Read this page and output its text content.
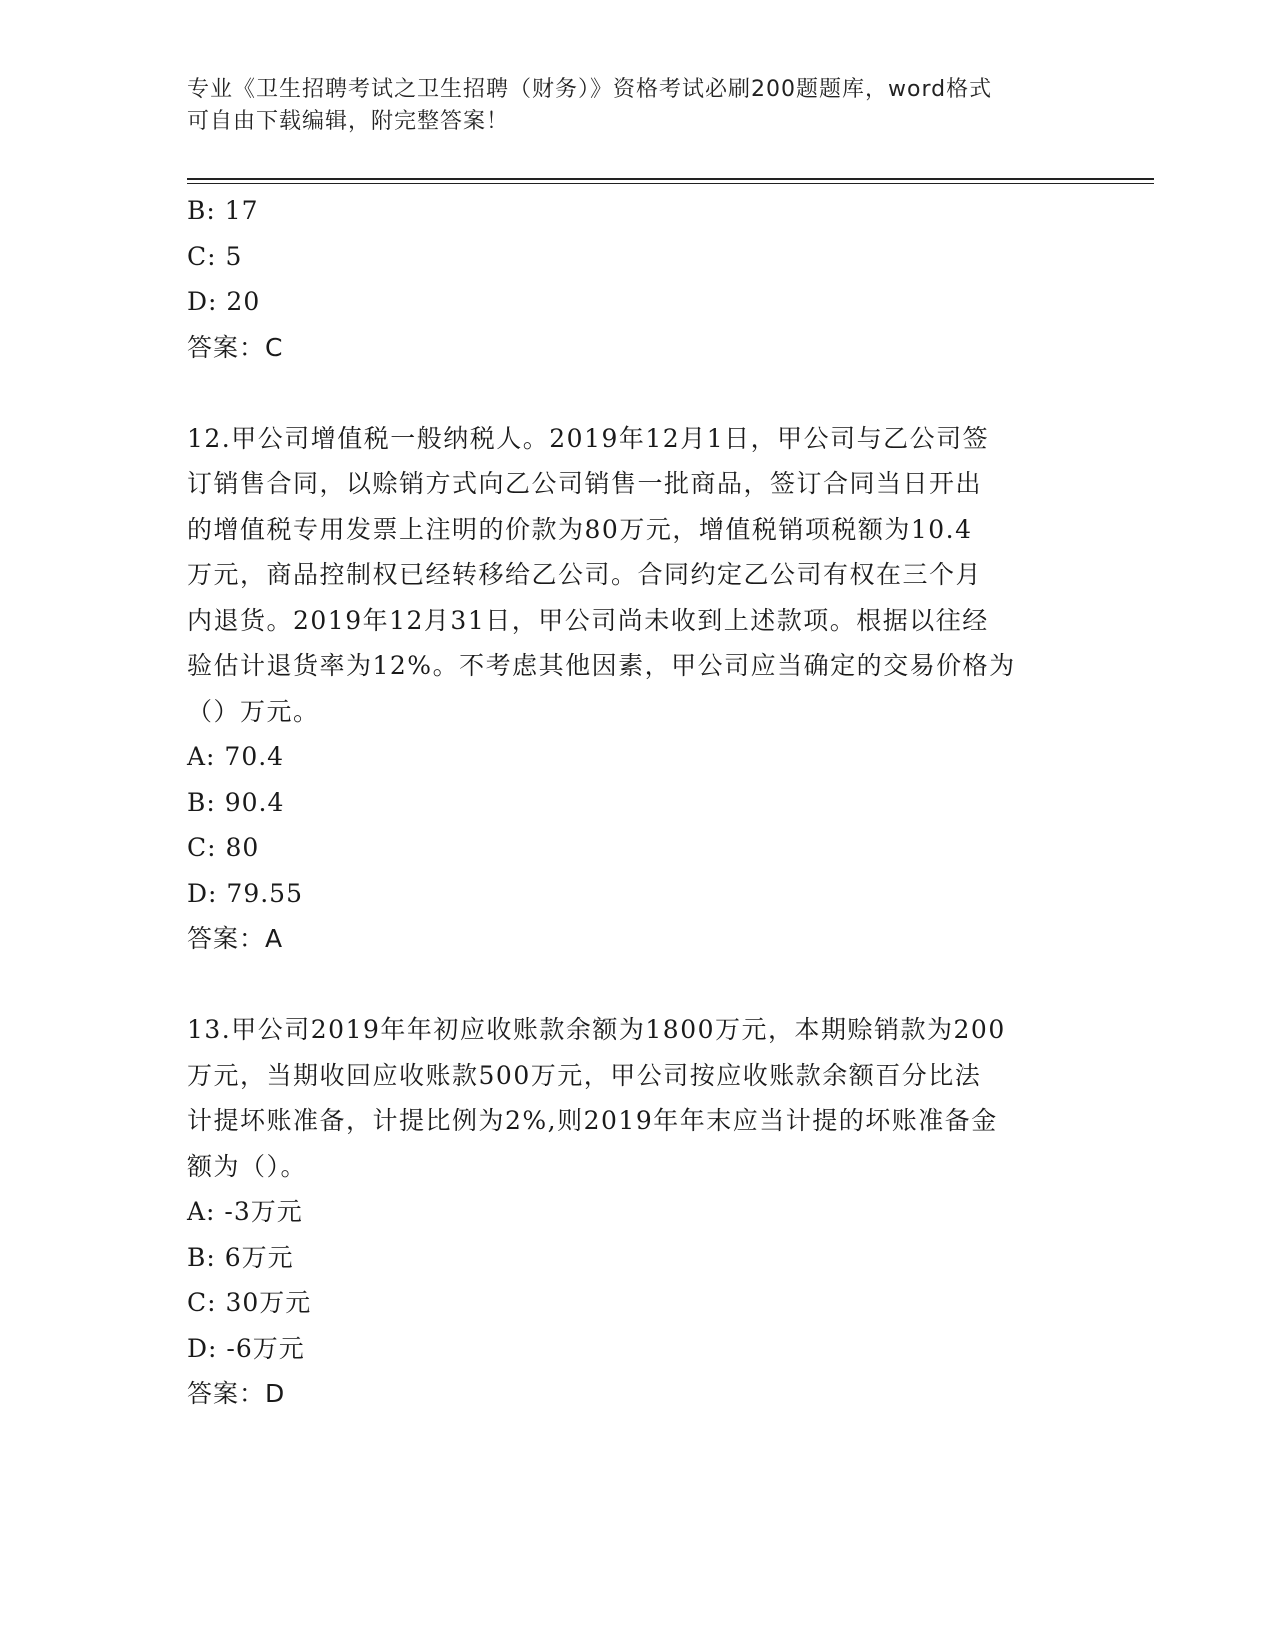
专业《卫生招聘考试之卫生招聘（财务）》资格考试必刷200题题库，word格式
可自由下载编辑，附完整答案！
B: 17
C: 5
D: 20
答案：C
12.甲公司增值税一般纳税人。2019年12月1日，甲公司与乙公司签
订销售合同，以赊销方式向乙公司销售一批商品，签订合同当日开出
的增值税专用发票上注明的价款为80万元，增值税销项税额为10.4
万元，商品控制权已经转移给乙公司。合同约定乙公司有权在三个月
内退货。2019年12月31日，甲公司尚未收到上述款项。根据以往经
验估计退货率为12%。不考虑其他因素，甲公司应当确定的交易价格为
（）万元。
A: 70.4
B: 90.4
C: 80
D: 79.55
答案：A
13.甲公司2019年年初应收账款余额为1800万元，本期赊销款为200
万元，当期收回应收账款500万元，甲公司按应收账款余额百分比法
计提坏账准备，计提比例为2%,则2019年年末应当计提的坏账准备金
额为（）。
A: -3万元
B: 6万元
C: 30万元
D: -6万元
答案：D
